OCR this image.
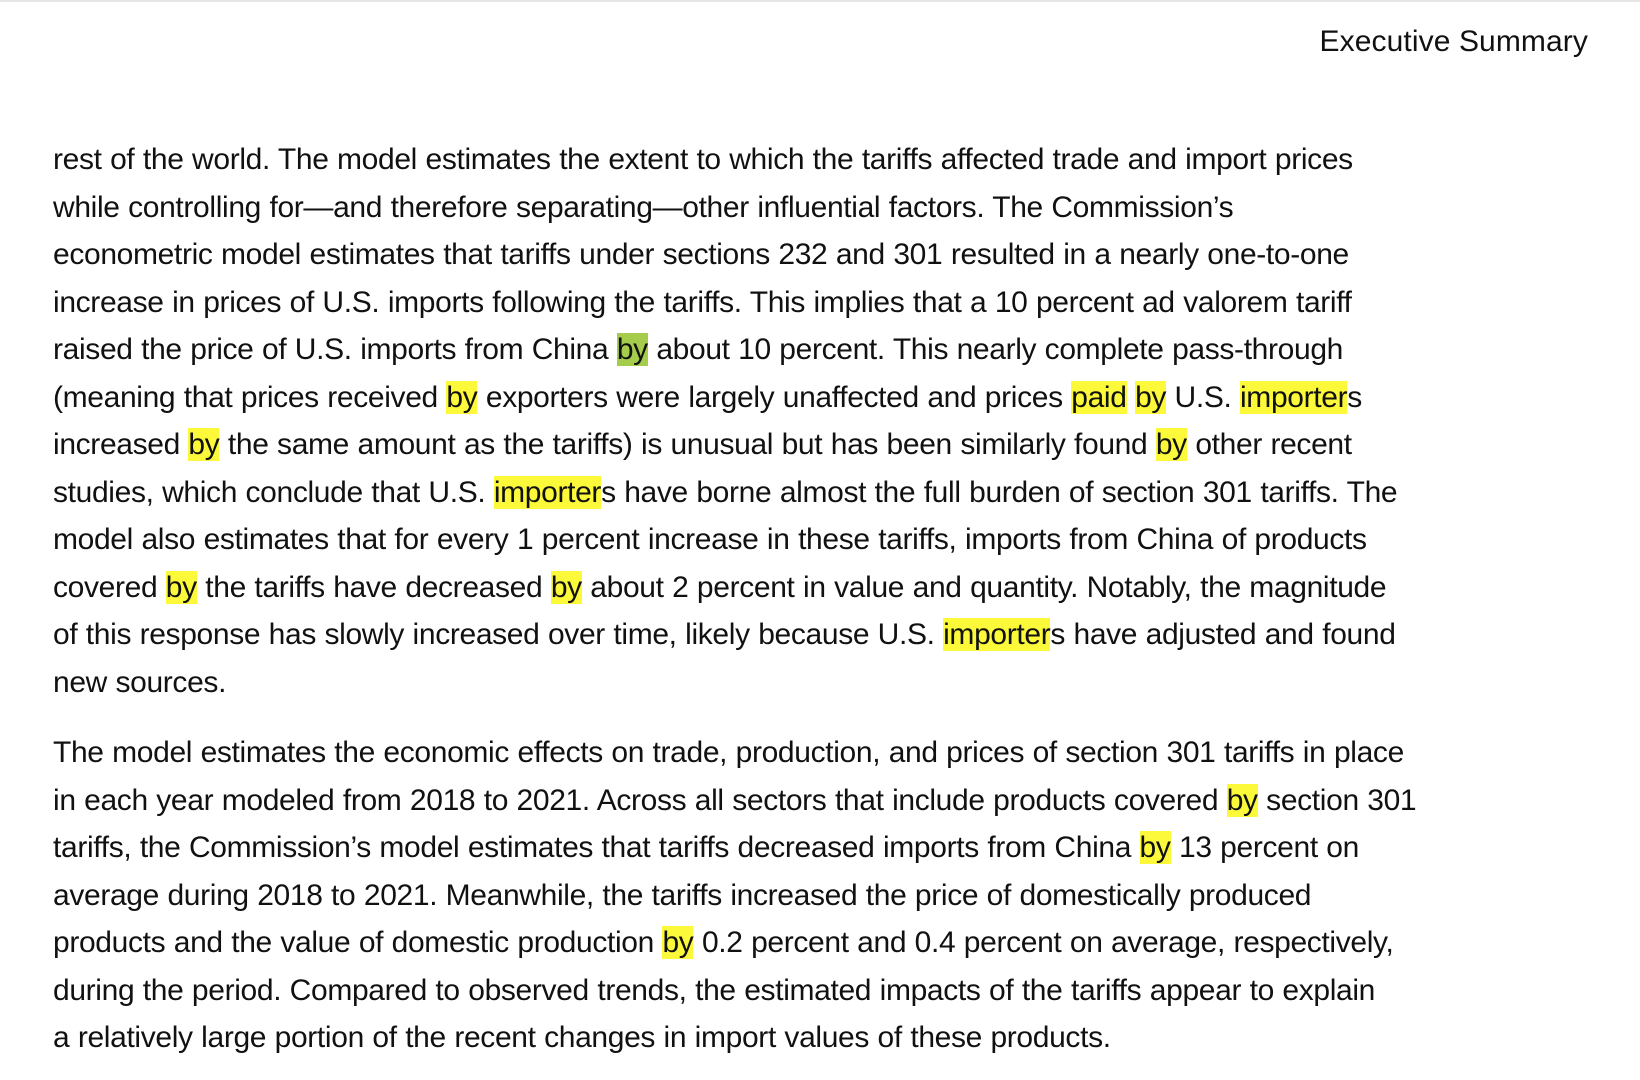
Executive Summary

rest of the world. The model estimates the extent to which the tariffs affected trade and import prices
while controlling for—and therefore separating—other influential factors. The Commission’s
econometric model estimates that tariffs under sections 232 and 301 resulted in a nearly one-to-one
increase in prices of U.S. imports following the tariffs. This implies that a 10 percent ad valorem tariff
raised the price of U.S. imports from China by about 10 percent. This nearly complete pass-through
(meaning that prices received by exporters were largely unaffected and prices paid by U.S. importers
increased by the same amount as the tariffs) is unusual but has been similarly found by other recent
studies, which conclude that U.S. importers have borne almost the full burden of section 301 tariffs. The
model also estimates that for every 1 percent increase in these tariffs, imports from China of products
covered by the tariffs have decreased by about 2 percent in value and quantity. Notably, the magnitude
of this response has slowly increased over time, likely because U.S. importers have adjusted and found
new sources.

The model estimates the economic effects on trade, production, and prices of section 301 tariffs in place
in each year modeled from 2018 to 2021. Across all sectors that include products covered by section 301
tariffs, the Commission’s model estimates that tariffs decreased imports from China by 13 percent on
average during 2018 to 2021. Meanwhile, the tariffs increased the price of domestically produced
products and the value of domestic production by 0.2 percent and 0.4 percent on average, respectively,
during the period. Compared to observed trends, the estimated impacts of the tariffs appear to explain
a relatively large portion of the recent changes in import values of these products.
